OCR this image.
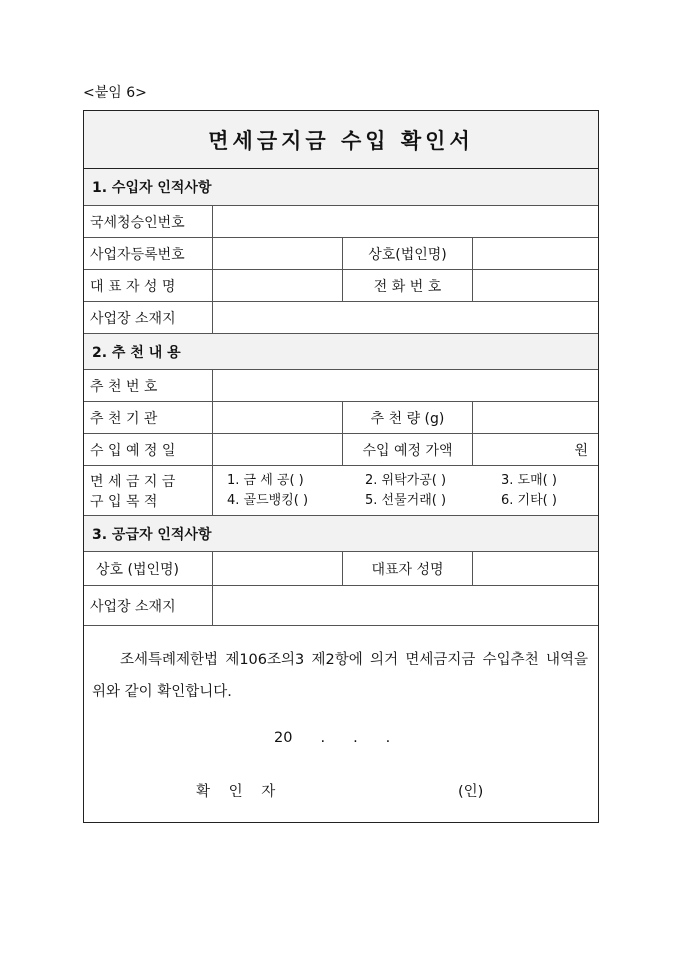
<붙임 6>
면세금지금 수입 확인서
1. 수입자 인적사항
국세청승인번호
사업자등록번호	상호(법인명)
대 표 자 성 명	전 화 번 호
사업장 소재지
2. 추 천 내 용
추 천 번 호
추 천 기 관	추 천 량 (g)
수 입 예 정 일	수입 예정 가액	원
면 세 금 지 금
구 입 목 적
1. 금 세 공( )	2. 위탁가공( )	3. 도매( )
4. 골드뱅킹( )	5. 선물거래( )	6. 기타( )
3. 공급자 인적사항
상호 (법인명)	대표자 성명
사업장 소재지
조세특례제한법 제106조의3 제2항에 의거 면세금지금 수입추천 내역을 위와 같이 확인합니다.
20 . . .
확 인 자	(인)
